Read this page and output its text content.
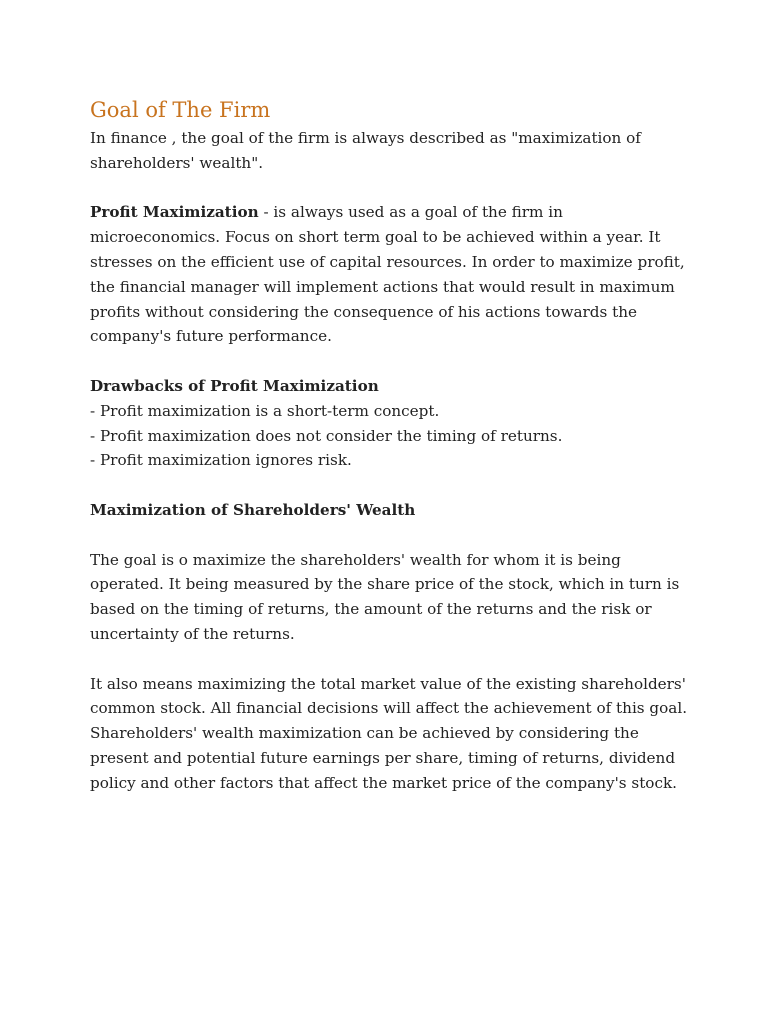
Goal of The Firm

In finance , the goal of the firm is always described as "maximization of shareholders' wealth".

Profit Maximization - is always used as a goal of the firm in microeconomics. Focus on short term goal to be achieved within a year. It stresses on the efficient use of capital resources. In order to maximize profit, the financial manager will implement actions that would result in maximum profits without considering the consequence of his actions towards the company's future performance.

Drawbacks of Profit Maximization

- Profit maximization is a short-term concept.

- Profit maximization does not consider the timing of returns.

- Profit maximization ignores risk.

Maximization of Shareholders' Wealth

The goal is o maximize the shareholders' wealth for whom it is being operated. It being measured by the share price of the stock, which in turn is based on the timing of returns, the amount of the returns and the risk or uncertainty of the returns.

It also means maximizing the total market value of the existing shareholders' common stock. All financial decisions will affect the achievement of this goal. Shareholders' wealth maximization can be achieved by considering the present and potential future earnings per share, timing of returns, dividend policy and other factors that affect the market price of the company's stock.
